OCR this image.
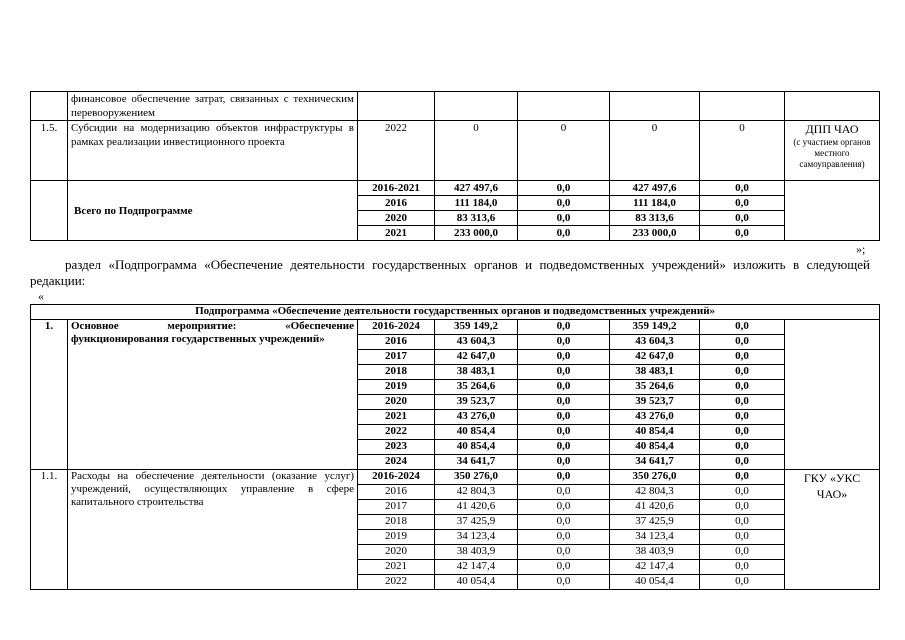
	финансовое обеспечение затрат, связанных с техническим перевооружением						
1.5.	Субсидии на модернизацию объектов инфраструктуры в рамках реализации инвестиционного проекта	2022	0	0	0	0	ДПП ЧАО
(с участием органов местного самоуправления)

	Всего по Подпрограмме	2016-2021	427 497,6	0,0	427 497,6	0,0	
		2016	111 184,0	0,0	111 184,0	0,0	
		2020	83 313,6	0,0	83 313,6	0,0	
		2021	233 000,0	0,0	233 000,0	0,0	
»;
раздел «Подпрограмма «Обеспечение деятельности государственных органов и подведомственных учреждений» изложить в следующей редакции:
«
Подпрограмма «Обеспечение деятельности государственных органов и подведомственных учреждений»							
1.	Основное мероприятие: «Обеспечение функционирования государственных учреждений»	2016-2024	359 149,2	0,0	359 149,2	0,0	
		2016	43 604,3	0,0	43 604,3	0,0	
		2017	42 647,0	0,0	42 647,0	0,0	
		2018	38 483,1	0,0	38 483,1	0,0	
		2019	35 264,6	0,0	35 264,6	0,0	
		2020	39 523,7	0,0	39 523,7	0,0	
		2021	43 276,0	0,0	43 276,0	0,0	
		2022	40 854,4	0,0	40 854,4	0,0	
		2023	40 854,4	0,0	40 854,4	0,0	
		2024	34 641,7	0,0	34 641,7	0,0	
1.1.	Расходы на обеспечение деятельности (оказание услуг) учреждений, осуществляющих управление в сфере капитального строительства	2016-2024	350 276,0	0,0	350 276,0	0,0	ГКУ «УКС ЧАО»
		2016	42 804,3	0,0	42 804,3	0,0	
		2017	41 420,6	0,0	41 420,6	0,0	
		2018	37 425,9	0,0	37 425,9	0,0	
		2019	34 123,4	0,0	34 123,4	0,0	
		2020	38 403,9	0,0	38 403,9	0,0	
		2021	42 147,4	0,0	42 147,4	0,0	
		2022	40 054,4	0,0	40 054,4	0,0	
